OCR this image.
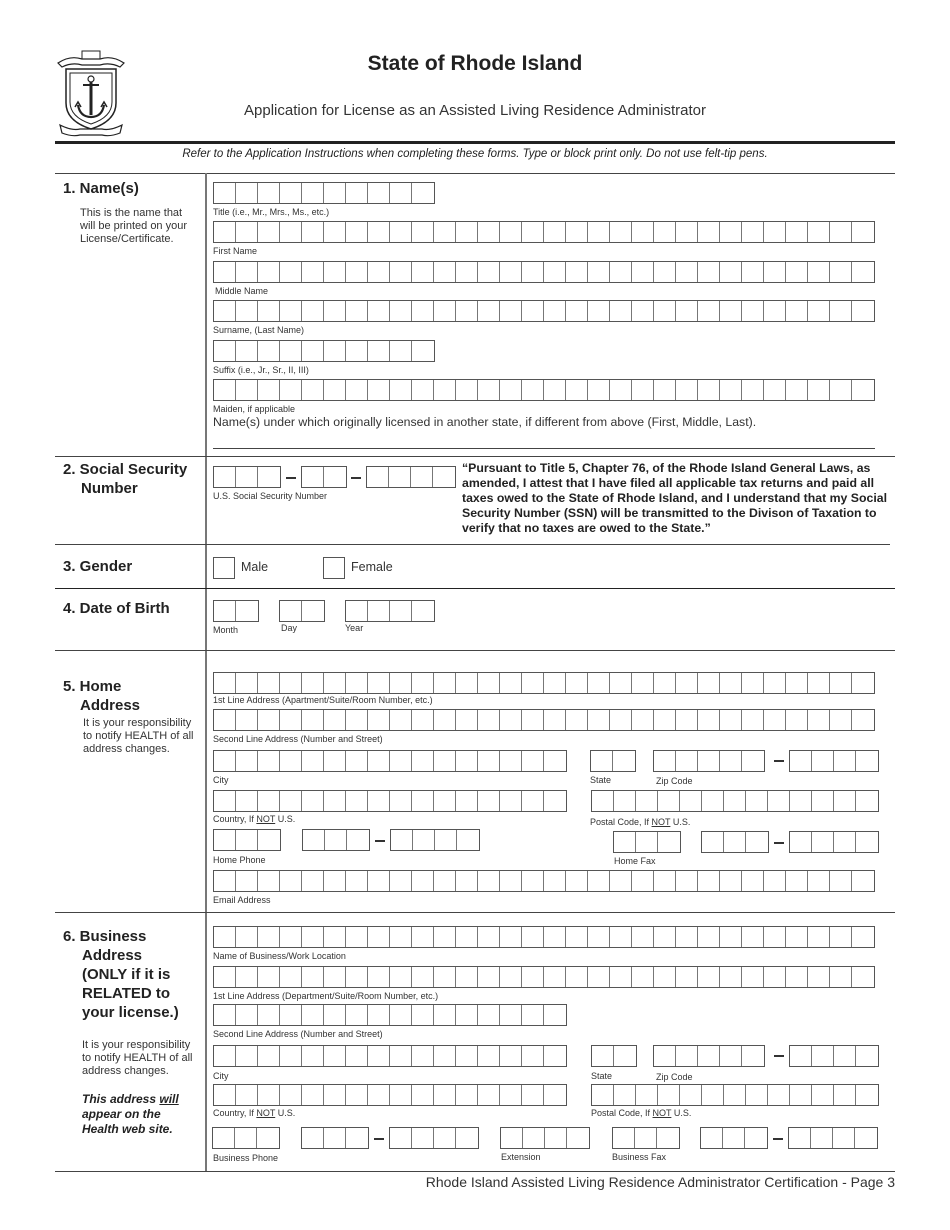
State of Rhode Island
Application for License as an Assisted Living Residence Administrator
Refer to the Application Instructions when completing these forms. Type or block print only. Do not use felt-tip pens.
1. Name(s)
This is the name that will be printed on your License/Certificate.
Title (i.e., Mr., Mrs., Ms., etc.)
First Name
Middle Name
Surname, (Last Name)
Suffix (i.e., Jr., Sr., II, III)
Maiden, if applicable
Name(s) under which originally licensed in another state, if different from above (First, Middle, Last).
2. Social Security
Number	U.S. Social Security Number
“Pursuant to Title 5, Chapter 76, of the Rhode Island General Laws, as amended, I attest that I have filed all applicable tax returns and paid all taxes owed to the State of Rhode Island, and I understand that my Social Security Number (SSN) will be transmitted to the Divison of Taxation to verify that no taxes are owed to the State.”
3. Gender	Male	Female
4. Date of Birth
Month	Day	Year
5. Home
Address
It is your responsibility to notify HEALTH of all address changes.
1st Line Address (Apartment/Suite/Room Number, etc.)
Second Line Address (Number and Street)
City	State	Zip Code
Country, If NOT U.S.	Postal Code, If NOT U.S.
Home Phone	Home Fax
Email Address
6. Business
Address
(ONLY if it is
RELATED to
your license.)
It is your responsibility to notify HEALTH of all address changes.
This address will appear on the Health web site.
Name of Business/Work Location
1st Line Address (Department/Suite/Room Number, etc.)
Second Line Address (Number and Street)
City	State	Zip Code
Country, If NOT U.S.	Postal Code, If NOT U.S.
Business Phone	Extension	Business Fax
Rhode Island Assisted Living Residence Administrator Certification - Page 3
